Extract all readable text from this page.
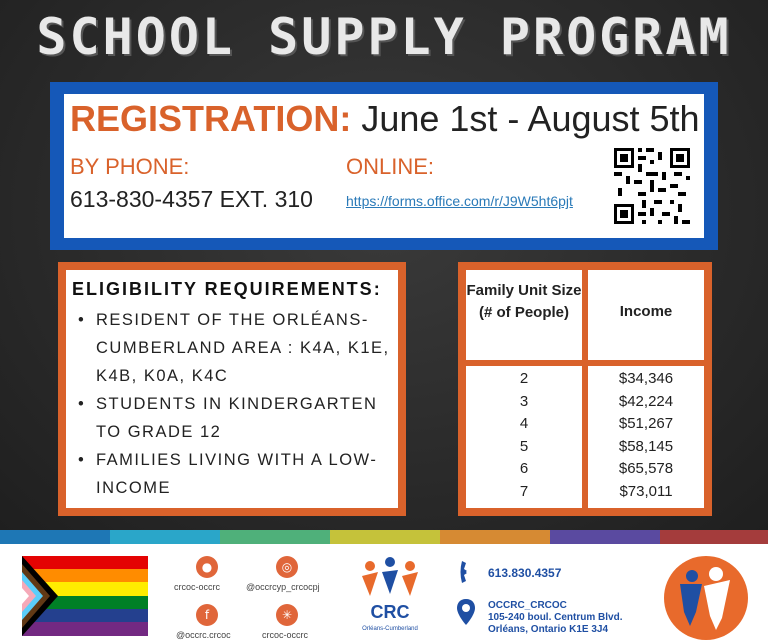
SCHOOL SUPPLY PROGRAM
REGISTRATION: June 1st - August 5th
BY PHONE:
613-830-4357 EXT. 310
ONLINE:
https://forms.office.com/r/J9W5ht6pjt
ELIGIBILITY REQUIREMENTS:
• RESIDENT OF THE ORLÉANS-CUMBERLAND AREA : K4A, K1E, K4B, K0A, K4C
• STUDENTS IN KINDERGARTEN TO GRADE 12
• FAMILIES LIVING WITH A LOW-INCOME
Family Unit Size (# of People)	Income
2	$34,346
3	$42,224
4	$51,267
5	$58,145
6	$65,578
7	$73,011
●
crcoc-occrc
◎
@occrcyp_crcocpj
f
@occrc.crcoc
✳
crcoc-occrc
CRC
Orléans-Cumberland
613.830.4357
OCCRC_CRCOC
105-240 boul. Centrum Blvd.
Orléans, Ontario K1E 3J4
